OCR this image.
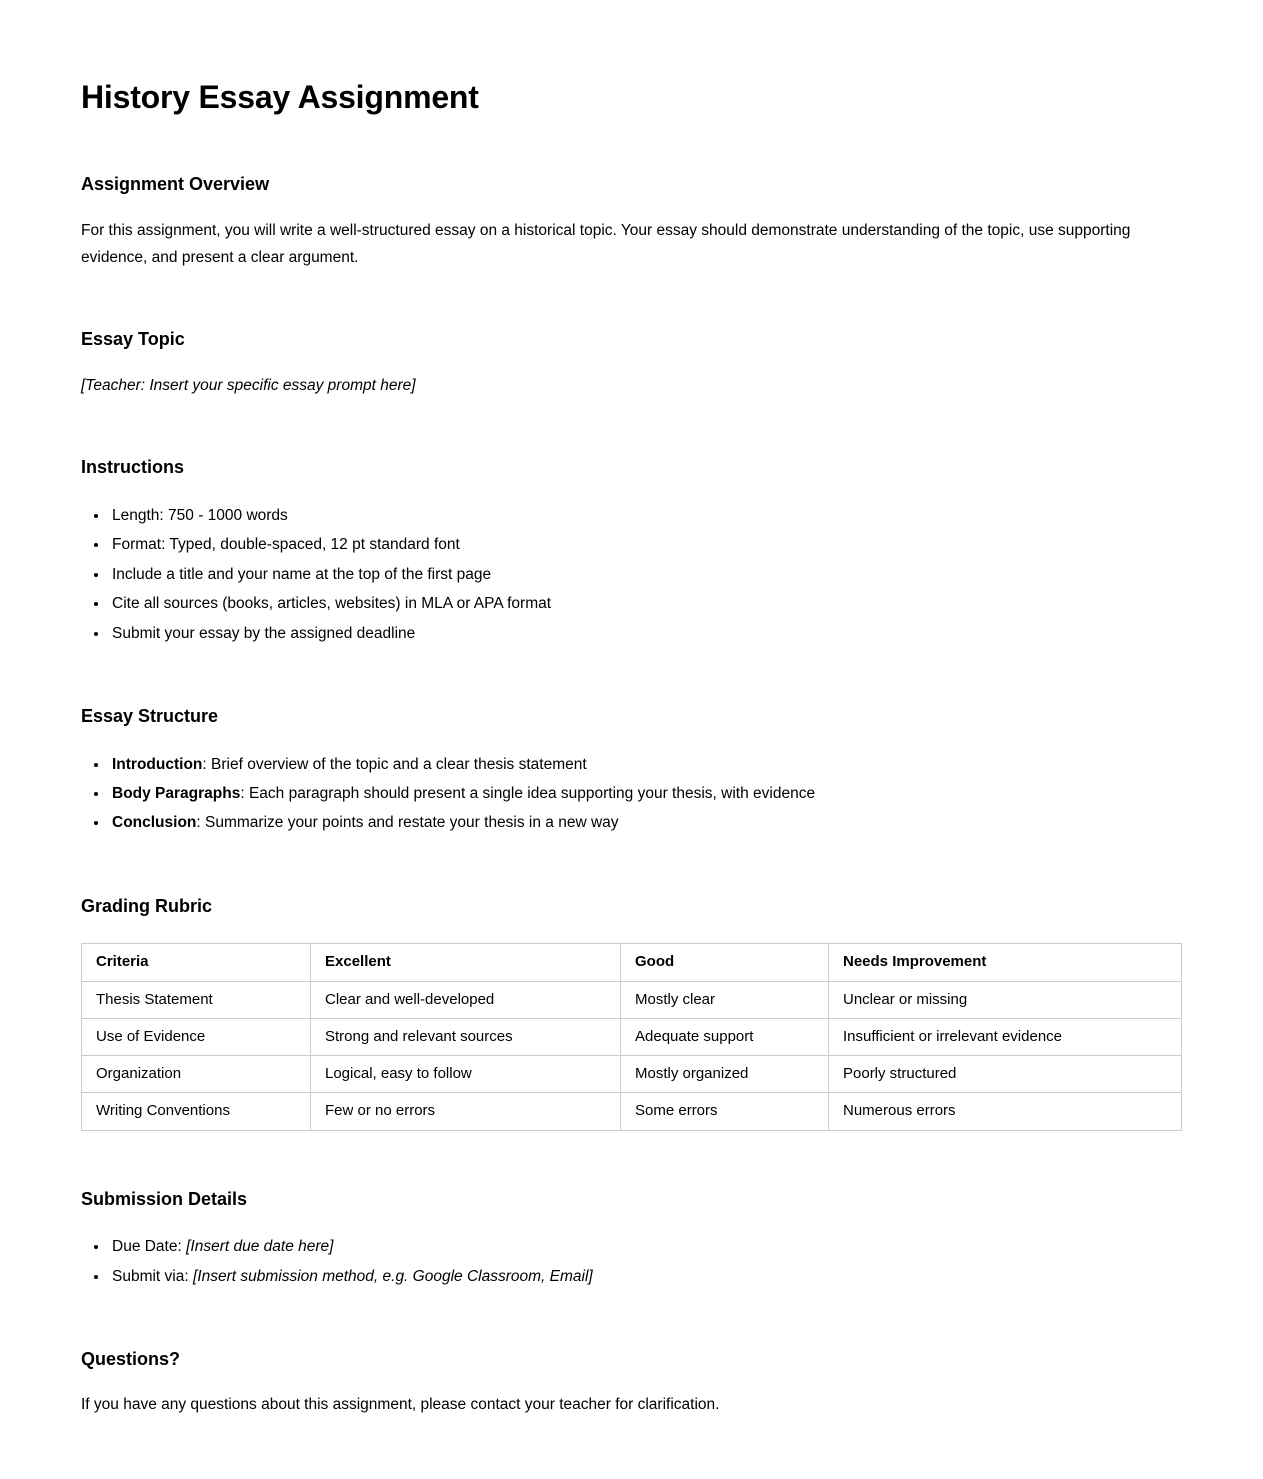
History Essay Assignment
Assignment Overview

For this assignment, you will write a well-structured essay on a historical topic. Your essay should demonstrate understanding of the topic, use supporting evidence, and present a clear argument.

Essay Topic

[Teacher: Insert your specific essay prompt here]

Instructions
• Length: 750 - 1000 words
• Format: Typed, double-spaced, 12 pt standard font
• Include a title and your name at the top of the first page
• Cite all sources (books, articles, websites) in MLA or APA format
• Submit your essay by the assigned deadline
Essay Structure
• Introduction: Brief overview of the topic and a clear thesis statement
• Body Paragraphs: Each paragraph should present a single idea supporting your thesis, with evidence
• Conclusion: Summarize your points and restate your thesis in a new way
Grading Rubric
Criteria	Excellent	Good	Needs Improvement
Thesis Statement	Clear and well-developed	Mostly clear	Unclear or missing
Use of Evidence	Strong and relevant sources	Adequate support	Insufficient or irrelevant evidence
Organization	Logical, easy to follow	Mostly organized	Poorly structured
Writing Conventions	Few or no errors	Some errors	Numerous errors
Submission Details
• Due Date: [Insert due date here]
• Submit via: [Insert submission method, e.g. Google Classroom, Email]
Questions?

If you have any questions about this assignment, please contact your teacher for clarification.
